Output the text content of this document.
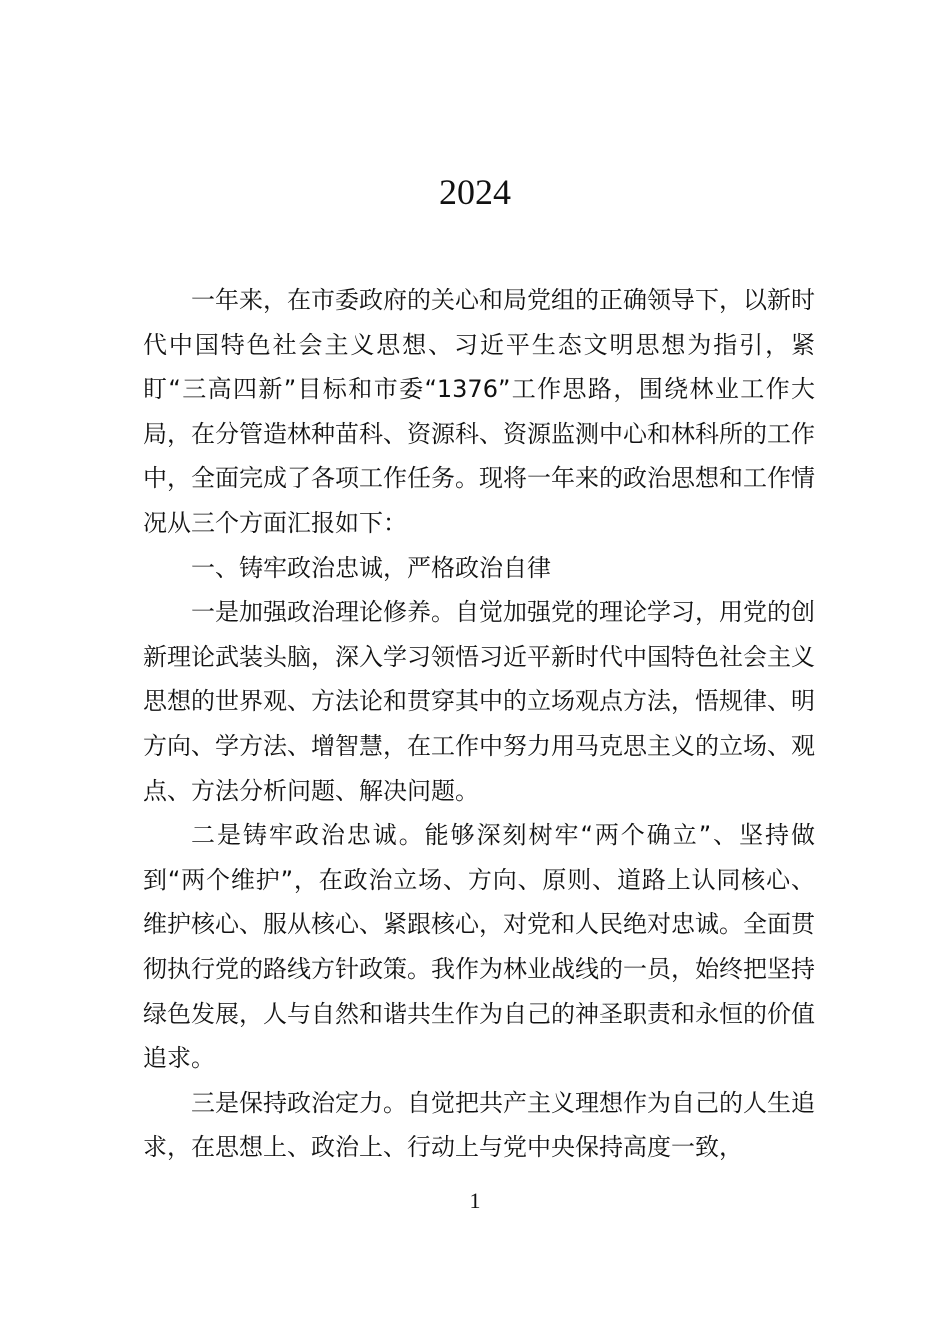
2024

一年来，在市委政府的关心和局党组的正确领导下，以新时代中国特色社会主义思想、习近平生态文明思想为指引，紧盯“三高四新”目标和市委“1376”工作思路，围绕林业工作大局，在分管造林种苗科、资源科、资源监测中心和林科所的工作中，全面完成了各项工作任务。现将一年来的政治思想和工作情况从三个方面汇报如下：

一、铸牢政治忠诚，严格政治自律

一是加强政治理论修养。自觉加强党的理论学习，用党的创新理论武装头脑，深入学习领悟习近平新时代中国特色社会主义思想的世界观、方法论和贯穿其中的立场观点方法，悟规律、明方向、学方法、增智慧，在工作中努力用马克思主义的立场、观点、方法分析问题、解决问题。

二是铸牢政治忠诚。能够深刻树牢“两个确立”、坚持做到“两个维护”，在政治立场、方向、原则、道路上认同核心、维护核心、服从核心、紧跟核心，对党和人民绝对忠诚。全面贯彻执行党的路线方针政策。我作为林业战线的一员，始终把坚持绿色发展，人与自然和谐共生作为自己的神圣职责和永恒的价值追求。

三是保持政治定力。自觉把共产主义理想作为自己的人生追求，在思想上、政治上、行动上与党中央保持高度一致，

1
